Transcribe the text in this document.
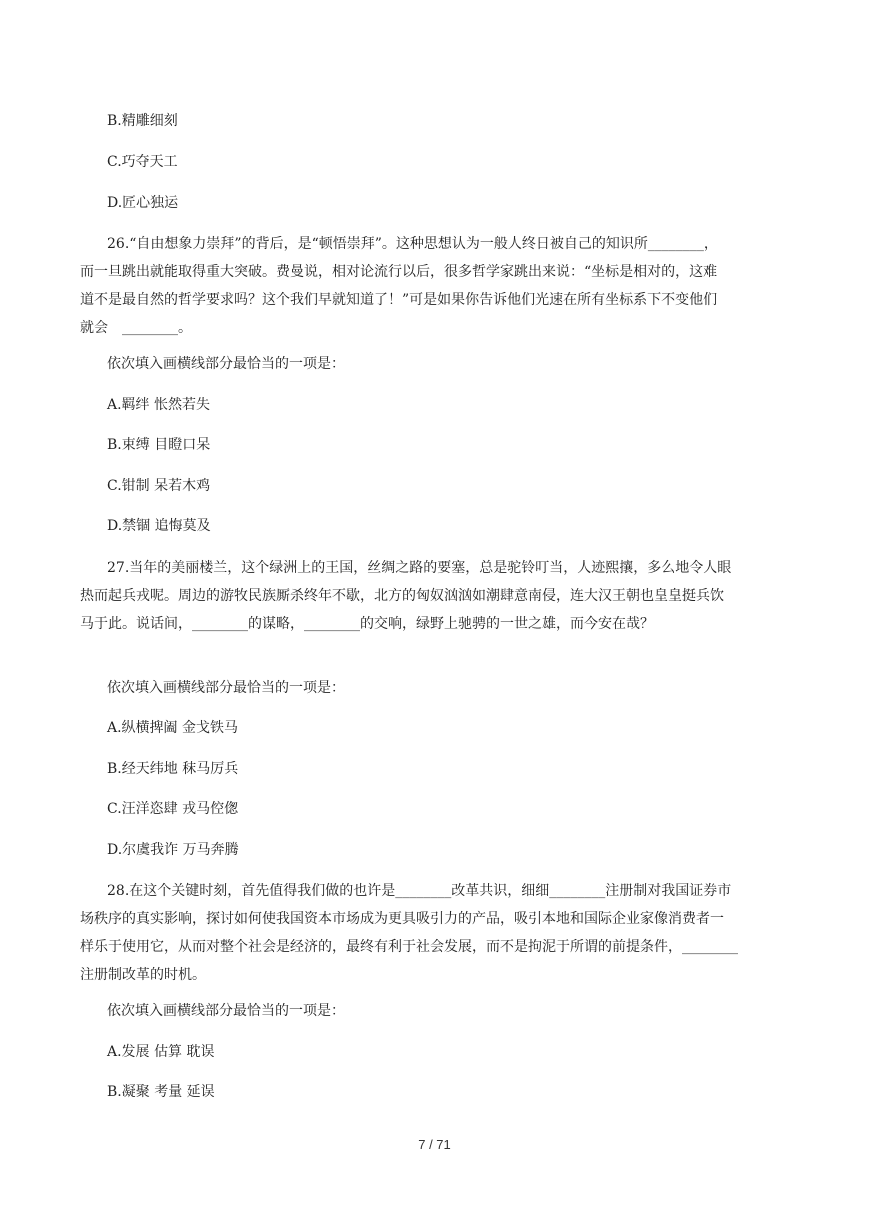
B.精雕细刻
C.巧夺天工
D.匠心独运

26.“自由想象力崇拜”的背后，是“顿悟崇拜”。这种思想认为一般人终日被自己的知识所________，

而一旦跳出就能取得重大突破。费曼说，相对论流行以后，很多哲学家跳出来说：“坐标是相对的，这难

道不是最自然的哲学要求吗？这个我们早就知道了！”可是如果你告诉他们光速在所有坐标系下不变他们

就会　________。

依次填入画横线部分最恰当的一项是：
A.羁绊 怅然若失
B.束缚 目瞪口呆
C.钳制 呆若木鸡
D.禁锢 追悔莫及

27.当年的美丽楼兰，这个绿洲上的王国，丝绸之路的要塞，总是驼铃叮当，人迹熙攘，多么地令人眼

热而起兵戎呢。周边的游牧民族厮杀终年不歇，北方的匈奴汹汹如潮肆意南侵，连大汉王朝也皇皇挺兵饮

马于此。说话间，________的谋略，________的交响，绿野上驰骋的一世之雄，而今安在哉？

依次填入画横线部分最恰当的一项是：
A.纵横捭阖 金戈铁马
B.经天纬地 秣马厉兵
C.汪洋恣肆 戎马倥偬
D.尔虞我诈 万马奔腾

28.在这个关键时刻，首先值得我们做的也许是________改革共识，细细________注册制对我国证券市

场秩序的真实影响，探讨如何使我国资本市场成为更具吸引力的产品，吸引本地和国际企业家像消费者一

样乐于使用它，从而对整个社会是经济的，最终有利于社会发展，而不是拘泥于所谓的前提条件，________

注册制改革的时机。

依次填入画横线部分最恰当的一项是：
A.发展 估算 耽误
B.凝聚 考量 延误
7 / 71
